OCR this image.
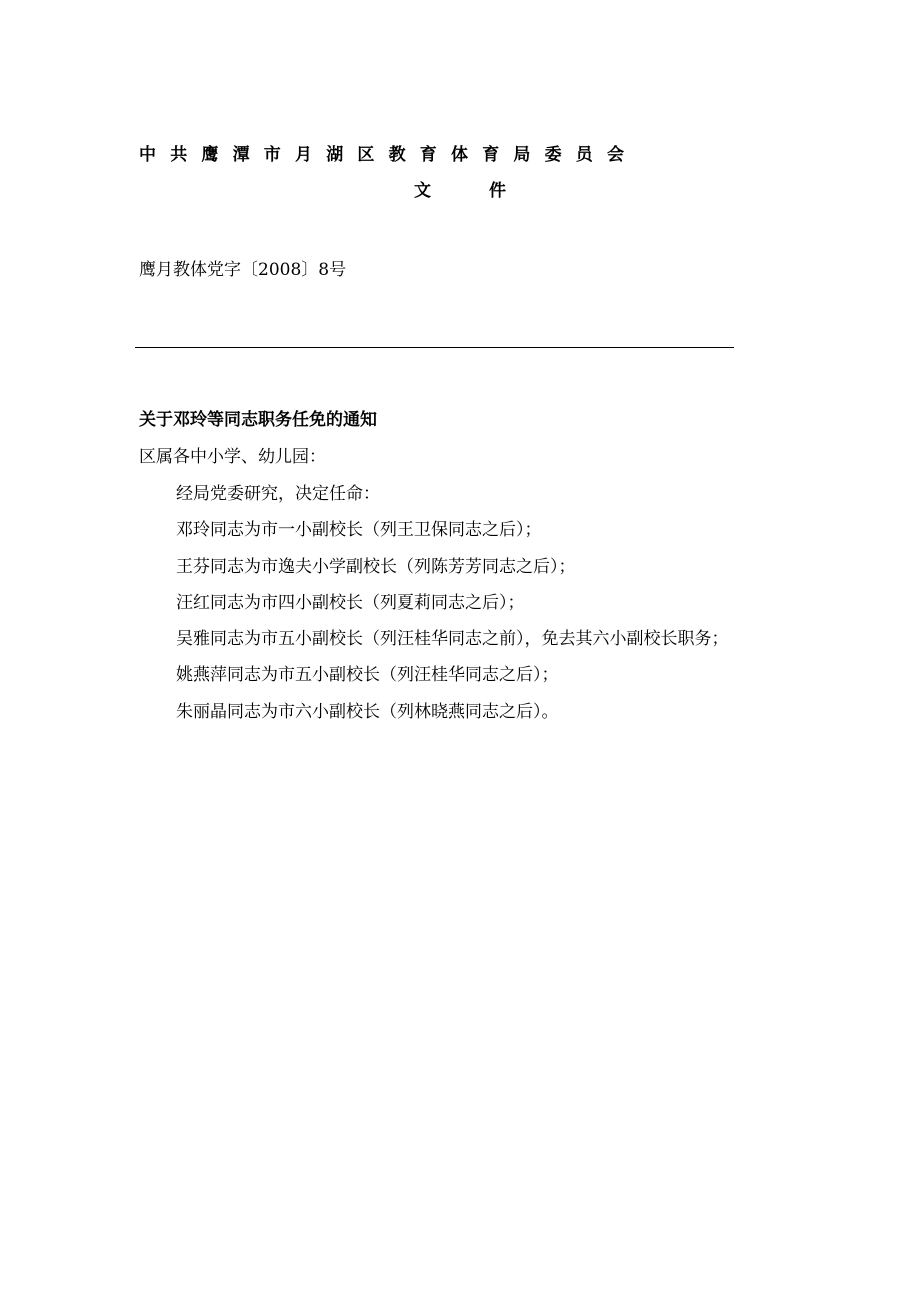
中共鹰潭市月湖区教育体育局委员会
文件
鹰月教体党字〔2008〕8号
关于邓玲等同志职务任免的通知
区属各中小学、幼儿园：
经局党委研究，决定任命：
邓玲同志为市一小副校长（列王卫保同志之后）；
王芬同志为市逸夫小学副校长（列陈芳芳同志之后）；
汪红同志为市四小副校长（列夏莉同志之后）；
吴雅同志为市五小副校长（列汪桂华同志之前），免去其六小副校长职务；
姚燕萍同志为市五小副校长（列汪桂华同志之后）；
朱丽晶同志为市六小副校长（列林晓燕同志之后）。
